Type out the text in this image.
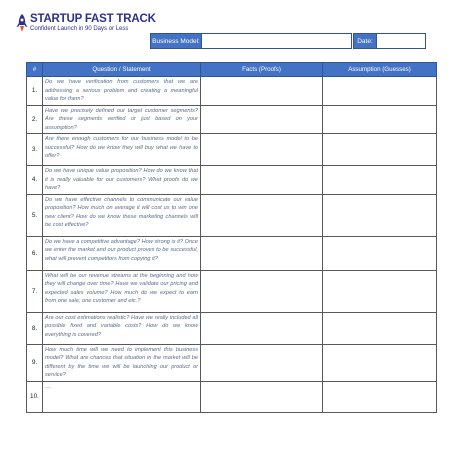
STARTUP FAST TRACK
Confident Launch in 90 Days or Less
Business Model:	Date:
#	Question / Statement	Facts (Proofs)	Assumption (Guesses)
1.	Do we have verification from customers that we are addressing a serious problem and creating a meaningful value for them?		
2.	Have we precisely defined our target customer segments? Are these segments verified or just based on your assumption?		
3.	Are there enough customers for our business model to be successful? How do we know they will buy what we have to offer?		
4.	Do we have unique value proposition? How do we know that it is really valuable for our customers? What proofs do we have?		
5.	Do we have effective channels to communicate our value proposition? How much on average it will cost us to win one new client? How do we know these marketing channels will be cost effective?		
6.	Do we have a competitive advantage? How strong is it? Once we enter the market and our product proves to be successful, what will prevent competitors from copying it?		
7.	What will be our revenue streams at the beginning and how they will change over time? Have we validate our pricing and expected sales volume? How much do we expect to earn from one sale, one customer and etc.?		
8.	Are our cost estimations realistic? Have we really included all possible fixed and variable costs? How do we know everything is covered?		
9.	How much time will we need to implement this business model? What are chances that situation in the market will be different by the time we will be launching our product or service?		
10.	....		
